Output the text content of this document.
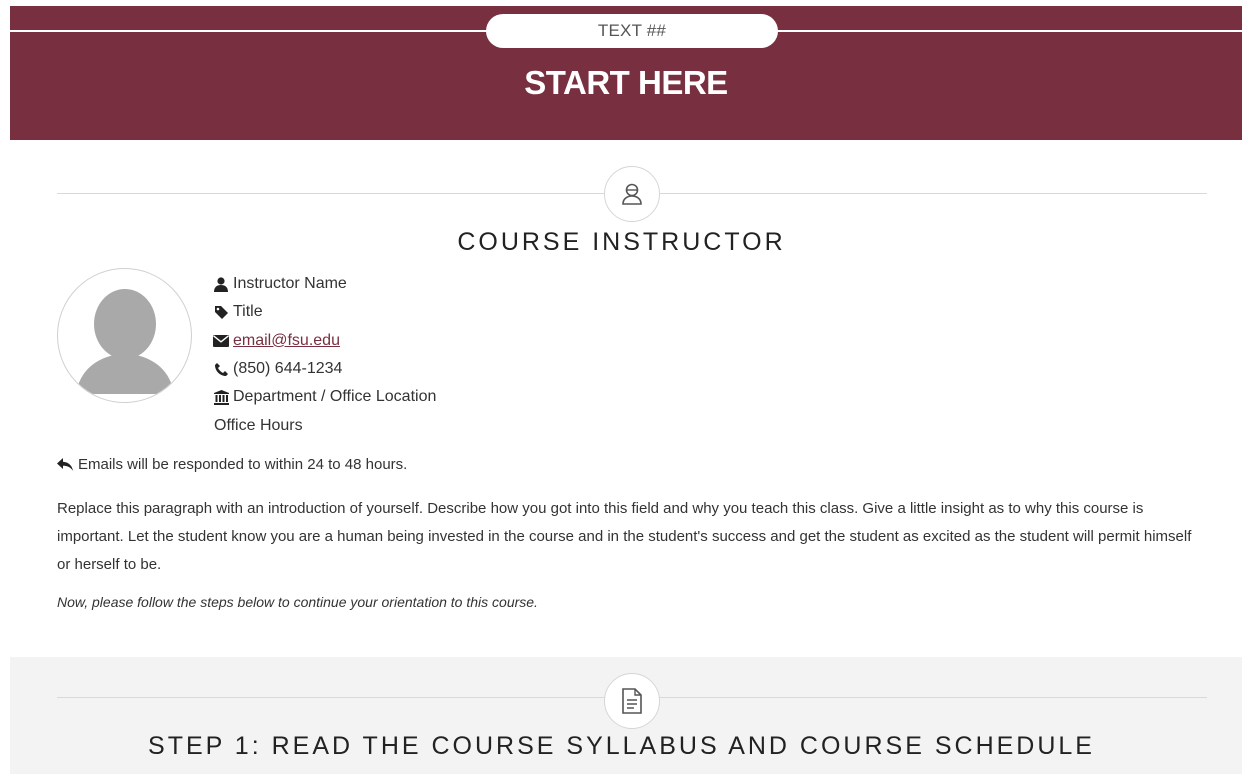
TEXT ##
START HERE
COURSE INSTRUCTOR
Instructor Name
Title
email@fsu.edu
(850) 644-1234
Department / Office Location
Office Hours
Emails will be responded to within 24 to 48 hours.
Replace this paragraph with an introduction of yourself. Describe how you got into this field and why you teach this class. Give a little insight as to why this course is important. Let the student know you are a human being invested in the course and in the student's success and get the student as excited as the student will permit himself or herself to be.
Now, please follow the steps below to continue your orientation to this course.
STEP 1: READ THE COURSE SYLLABUS AND COURSE SCHEDULE
